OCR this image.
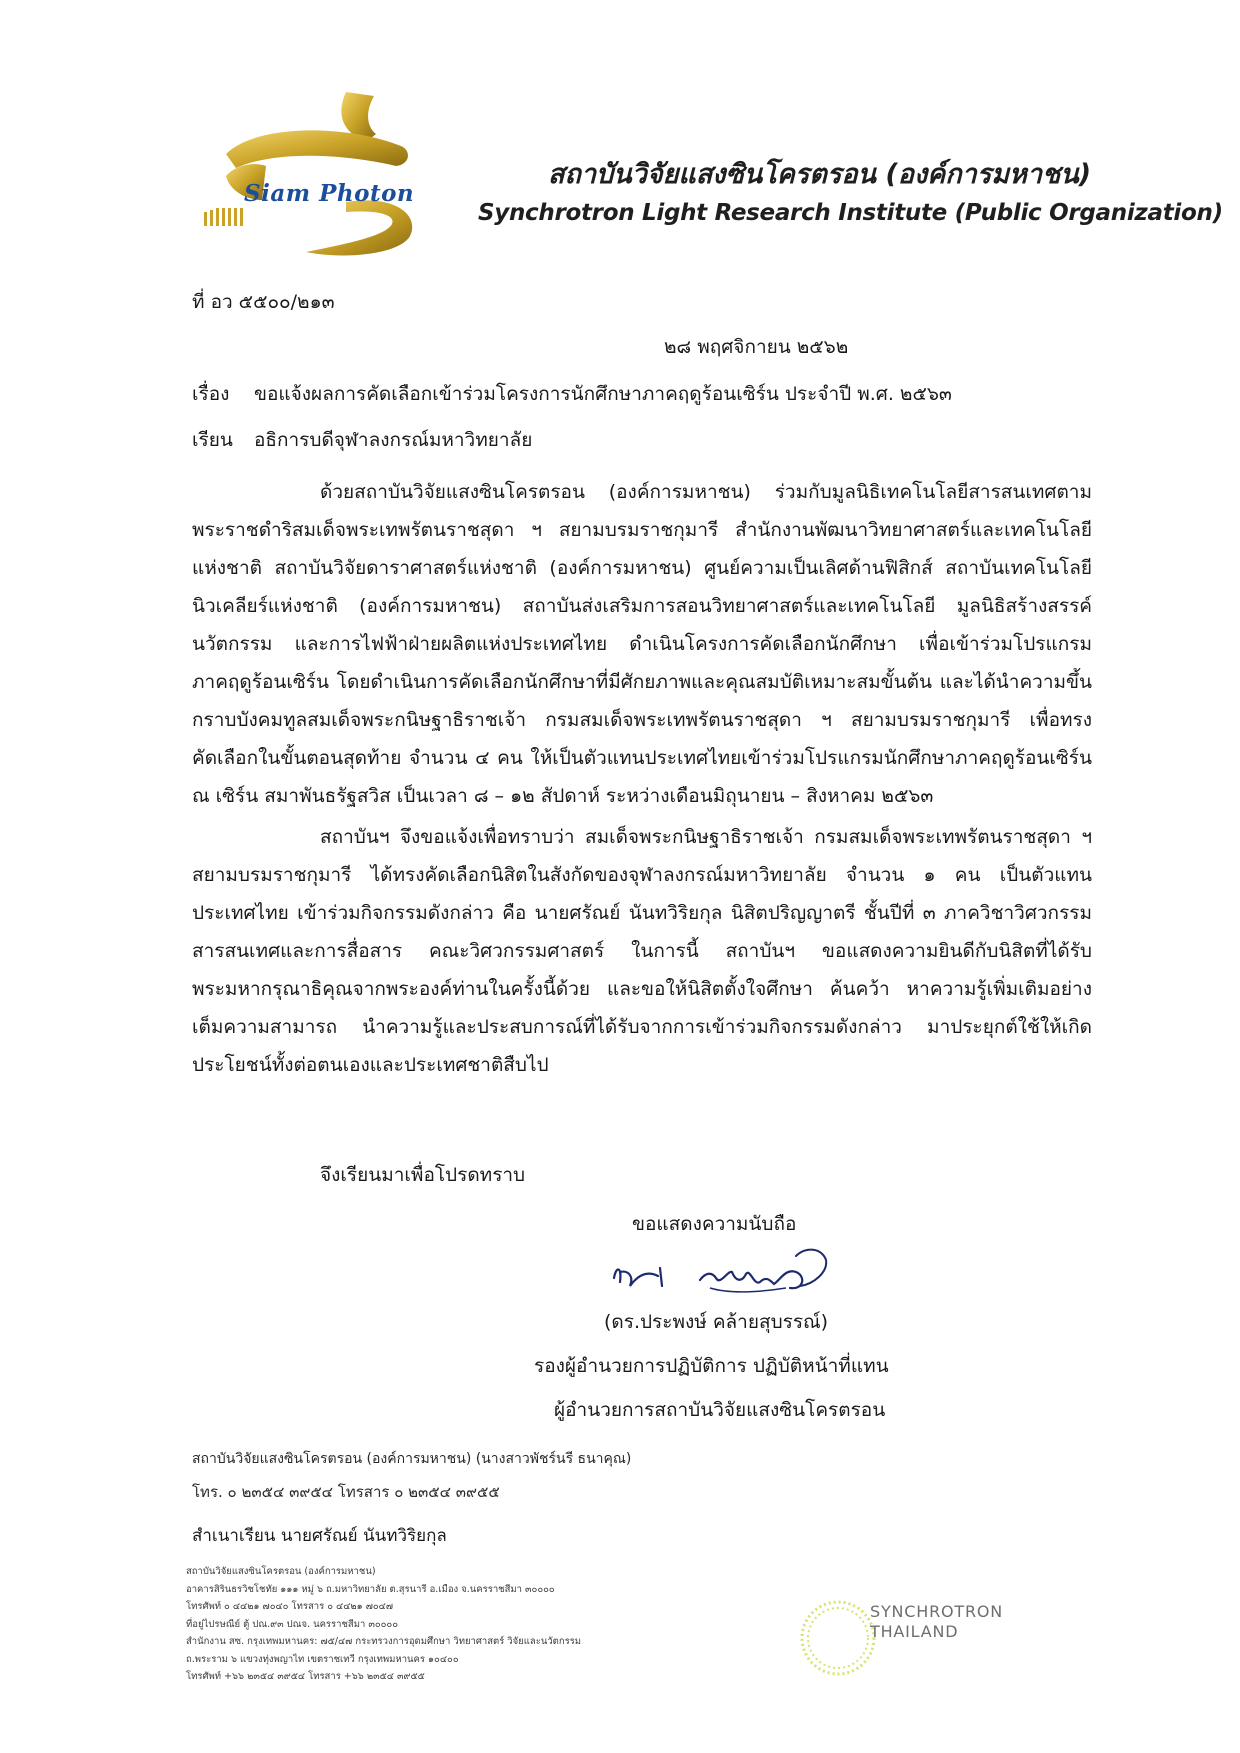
Siam Photon
สถาบันวิจัยแสงซินโครตรอน (องค์การมหาชน)
Synchrotron Light Research Institute (Public Organization)
ที่ อว ๕๕๐๐/๒๑๓
๒๘ พฤศจิกายน ๒๕๖๒
เรื่อง ขอแจ้งผลการคัดเลือกเข้าร่วมโครงการนักศึกษาภาคฤดูร้อนเซิร์น ประจำปี พ.ศ. ๒๕๖๓
เรียน อธิการบดีจุฬาลงกรณ์มหาวิทยาลัย
ด้วยสถาบันวิจัยแสงซินโครตรอน (องค์การมหาชน) ร่วมกับมูลนิธิเทคโนโลยีสารสนเทศตาม
พระราชดำริสมเด็จพระเทพรัตนราชสุดา ฯ สยามบรมราชกุมารี สำนักงานพัฒนาวิทยาศาสตร์และเทคโนโลยี
แห่งชาติ สถาบันวิจัยดาราศาสตร์แห่งชาติ (องค์การมหาชน) ศูนย์ความเป็นเลิศด้านฟิสิกส์ สถาบันเทคโนโลยี
นิวเคลียร์แห่งชาติ (องค์การมหาชน) สถาบันส่งเสริมการสอนวิทยาศาสตร์และเทคโนโลยี มูลนิธิสร้างสรรค์
นวัตกรรม และการไฟฟ้าฝ่ายผลิตแห่งประเทศไทย ดำเนินโครงการคัดเลือกนักศึกษา เพื่อเข้าร่วมโปรแกรม
ภาคฤดูร้อนเซิร์น โดยดำเนินการคัดเลือกนักศึกษาที่มีศักยภาพและคุณสมบัติเหมาะสมขั้นต้น และได้นำความขึ้น
กราบบังคมทูลสมเด็จพระกนิษฐาธิราชเจ้า กรมสมเด็จพระเทพรัตนราชสุดา ฯ สยามบรมราชกุมารี เพื่อทรง
คัดเลือกในขั้นตอนสุดท้าย จำนวน ๔ คน ให้เป็นตัวแทนประเทศไทยเข้าร่วมโปรแกรมนักศึกษาภาคฤดูร้อนเซิร์น
ณ เซิร์น สมาพันธรัฐสวิส เป็นเวลา ๘ – ๑๒ สัปดาห์ ระหว่างเดือนมิถุนายน – สิงหาคม ๒๕๖๓
สถาบันฯ จึงขอแจ้งเพื่อทราบว่า สมเด็จพระกนิษฐาธิราชเจ้า กรมสมเด็จพระเทพรัตนราชสุดา ฯ
สยามบรมราชกุมารี ได้ทรงคัดเลือกนิสิตในสังกัดของจุฬาลงกรณ์มหาวิทยาลัย จำนวน ๑ คน เป็นตัวแทน
ประเทศไทย เข้าร่วมกิจกรรมดังกล่าว คือ นายศรัณย์ นันทวิริยกุล นิสิตปริญญาตรี ชั้นปีที่ ๓ ภาควิชาวิศวกรรม
สารสนเทศและการสื่อสาร คณะวิศวกรรมศาสตร์ ในการนี้ สถาบันฯ ขอแสดงความยินดีกับนิสิตที่ได้รับ
พระมหากรุณาธิคุณจากพระองค์ท่านในครั้งนี้ด้วย และขอให้นิสิตตั้งใจศึกษา ค้นคว้า หาความรู้เพิ่มเติมอย่าง
เต็มความสามารถ นำความรู้และประสบการณ์ที่ได้รับจากการเข้าร่วมกิจกรรมดังกล่าว มาประยุกต์ใช้ให้เกิด
ประโยชน์ทั้งต่อตนเองและประเทศชาติสืบไป
จึงเรียนมาเพื่อโปรดทราบ
ขอแสดงความนับถือ
(ดร.ประพงษ์ คล้ายสุบรรณ์)
รองผู้อำนวยการปฏิบัติการ ปฏิบัติหน้าที่แทน
ผู้อำนวยการสถาบันวิจัยแสงซินโครตรอน
สถาบันวิจัยแสงซินโครตรอน (องค์การมหาชน) (นางสาวพัชร์นรี ธนาคุณ)
โทร. ๐ ๒๓๕๔ ๓๙๕๔ โทรสาร ๐ ๒๓๕๔ ๓๙๕๕
สำเนาเรียน นายศรัณย์ นันทวิริยกุล
สถาบันวิจัยแสงซินโครตรอน (องค์การมหาชน)
อาคารสิรินธรวิชโชทัย ๑๑๑ หมู่ ๖ ถ.มหาวิทยาลัย ต.สุรนารี อ.เมือง จ.นครราชสีมา ๓๐๐๐๐
โทรศัพท์ ๐ ๔๔๒๑ ๗๐๔๐ โทรสาร ๐ ๔๔๒๑ ๗๐๔๗
ที่อยู่ไปรษณีย์ ตู้ ปณ.๙๓ ปณจ. นครราชสีมา ๓๐๐๐๐
สำนักงาน สซ. กรุงเทพมหานคร: ๗๕/๔๗ กระทรวงการอุดมศึกษา วิทยาศาสตร์ วิจัยและนวัตกรรม
ถ.พระราม ๖ แขวงทุ่งพญาไท เขตราชเทวี กรุงเทพมหานคร ๑๐๔๐๐
โทรศัพท์ +๖๖ ๒๓๕๔ ๓๙๕๔ โทรสาร +๖๖ ๒๓๕๔ ๓๙๕๕
SYNCHROTRON
THAILAND
